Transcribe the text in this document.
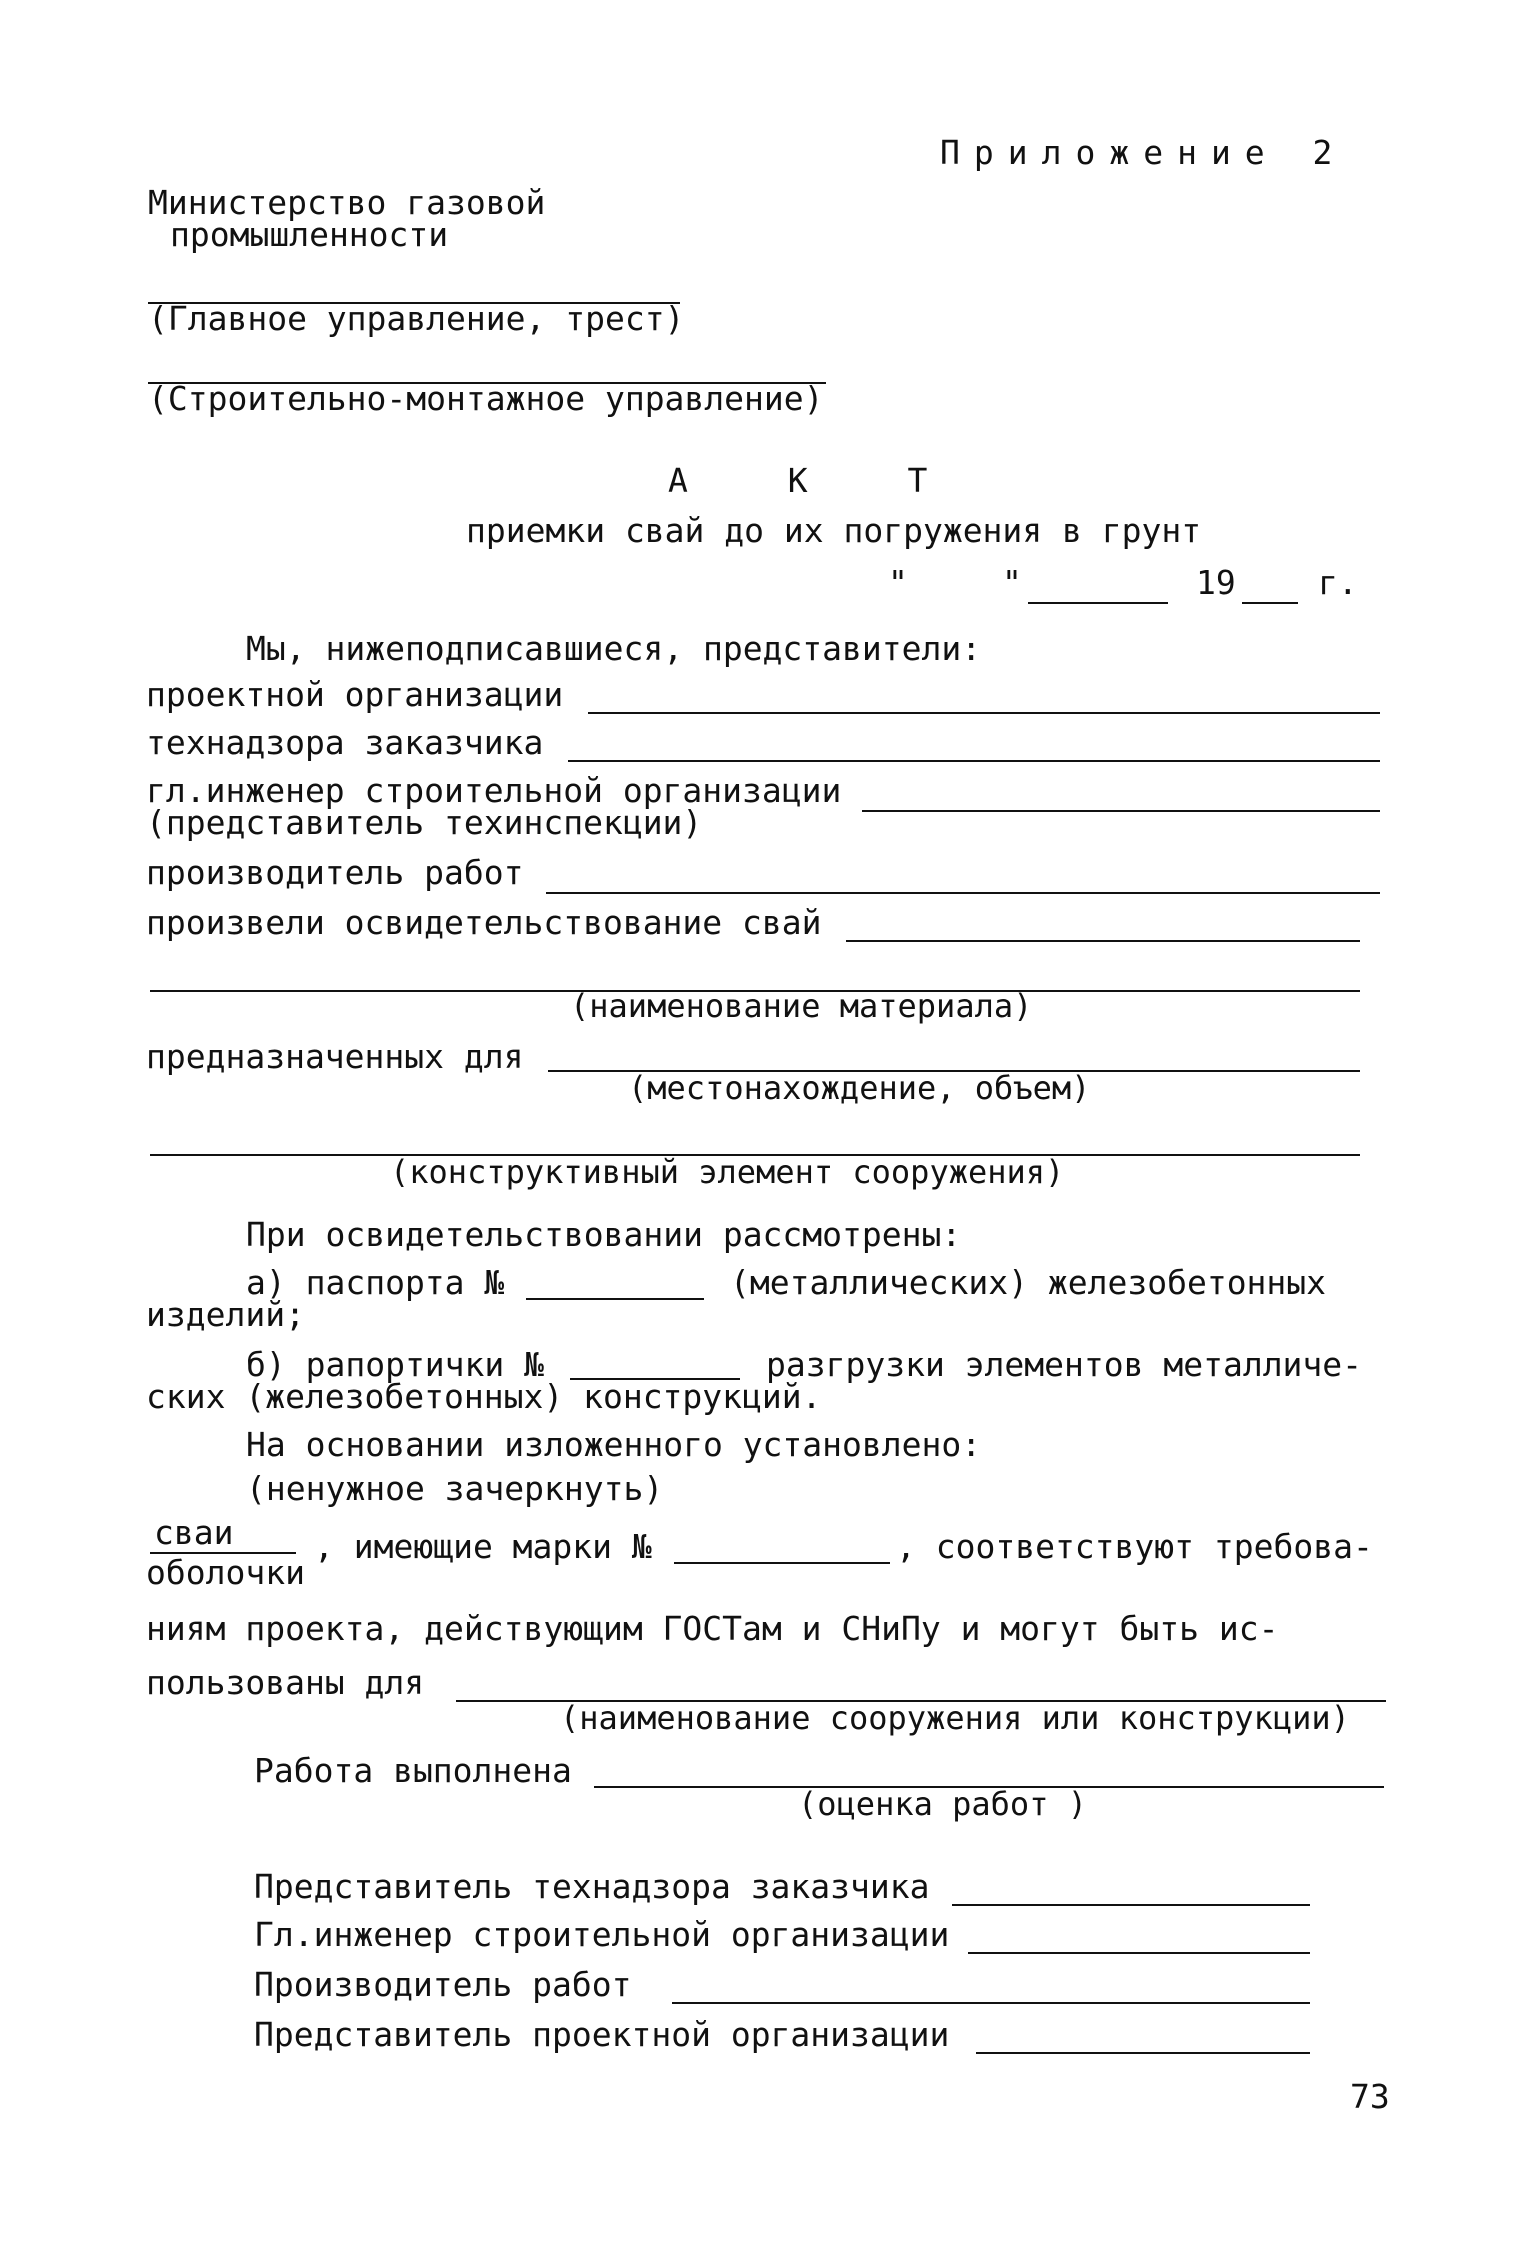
Приложение 2
Министерство газовой
промышленности
(Главное управление, трест)
(Строительно-монтажное управление)
А К Т
приемки свай до их погружения в грунт
"	"	19 г.
Мы, нижеподписавшиеся, представители:
проектной организации
технадзора заказчика
гл.инженер строительной организации
(представитель техинспекции)
производитель работ
произвели освидетельствование свай
(наименование материала)
предназначенных для
(местонахождение, объем)
(конструктивный элемент сооружения)
При освидетельствовании рассмотрены:
а) паспорта №	(металлических) железобетонных
изделий;
б) рапортички №	разгрузки элементов металличе-
ских (железобетонных) конструкций.
На основании изложенного установлено:
(ненужное зачеркнуть)
сваи
оболочки
, имеющие марки №	, соответствуют требова-
ниям проекта, действующим ГОСТам и СНиПу и могут быть ис-
пользованы для
(наименование сооружения или конструкции)
Работа выполнена
(оценка работ )
Представитель технадзора заказчика
Гл.инженер строительной организации
Производитель работ
Представитель проектной организации
73
